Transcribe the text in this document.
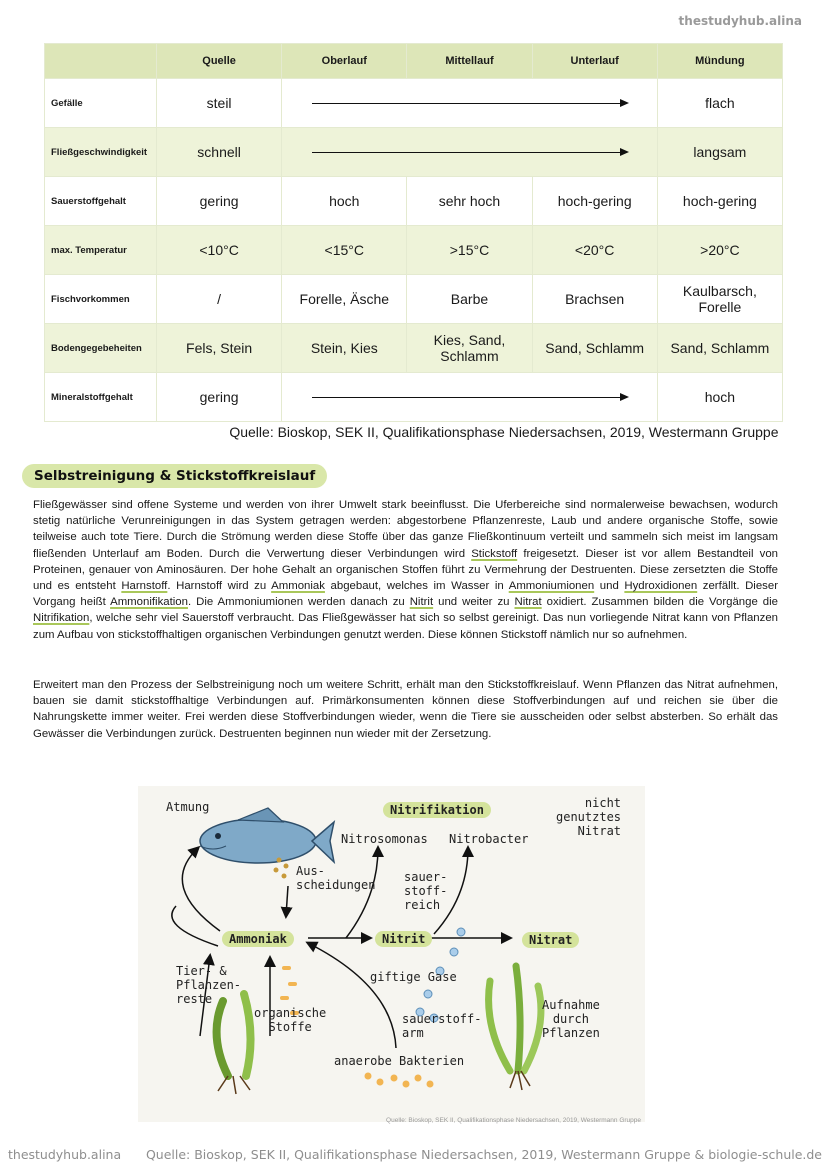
thestudyhub.alina
	Quelle	Oberlauf	Mittellauf	Unterlauf	Mündung
Gefälle	steil				flach
Fließgeschwindigkeit	schnell				langsam
Sauerstoffgehalt	gering	hoch	sehr hoch	hoch-gering	hoch-gering
max. Temperatur	<10°C	<15°C	>15°C	<20°C	>20°C
Fischvorkommen	/	Forelle, Äsche	Barbe	Brachsen	Kaulbarsch, Forelle
Bodengegebeheiten	Fels, Stein	Stein, Kies	Kies, Sand, Schlamm	Sand, Schlamm	Sand, Schlamm
Mineralstoffgehalt	gering				hoch
Quelle: Bioskop, SEK II, Qualifikationsphase Niedersachsen, 2019, Westermann Gruppe					
Selbstreinigung & Stickstoffkreislauf

Fließgewässer sind offene Systeme und werden von ihrer Umwelt stark beeinflusst. Die Uferbereiche sind normalerweise bewachsen, wodurch stetig natürliche Verunreinigungen in das System getragen werden: abgestorbene Pflanzenreste, Laub und andere organische Stoffe, sowie teilweise auch tote Tiere. Durch die Strömung werden diese Stoffe über das ganze Fließkontinuum verteilt und sammeln sich meist im langsam fließenden Unterlauf am Boden. Durch die Verwertung dieser Verbindungen wird Stickstoff freigesetzt. Dieser ist vor allem Bestandteil von Proteinen, genauer von Aminosäuren. Der hohe Gehalt an organischen Stoffen führt zu Vermehrung der Destruenten. Diese zersetzten die Stoffe und es entsteht Harnstoff. Harnstoff wird zu Ammoniak abgebaut, welches im Wasser in Ammoniumionen und Hydroxidionen zerfällt. Dieser Vorgang heißt Ammonifikation. Die Ammoniumionen werden danach zu Nitrit und weiter zu Nitrat oxidiert. Zusammen bilden die Vorgänge die Nitrifikation, welche sehr viel Sauerstoff verbraucht. Das Fließgewässer hat sich so selbst gereinigt. Das nun vorliegende Nitrat kann von Pflanzen zum Aufbau von stickstoffhaltigen organischen Verbindungen genutzt werden. Diese können Stickstoff nämlich nur so aufnehmen.

Erweitert man den Prozess der Selbstreinigung noch um weitere Schritt, erhält man den Stickstoffkreislauf. Wenn Pflanzen das Nitrat aufnehmen, bauen sie damit stickstoffhaltige Verbindungen auf. Primärkonsumenten können diese Stoffverbindungen auf und reichen sie über die Nahrungskette immer weiter. Frei werden diese Stoffverbindungen wieder, wenn die Tiere sie ausscheiden oder selbst absterben. So erhält das Gewässer die Verbindungen zurück. Destruenten beginnen nun wieder mit der Zersetzung.

Atmung	Nitrifikation	nicht
genutztes
Nitrat
Nitrosomonas Nitrobacter
Aus-
scheidungen
sauer-
stoff-
reich
Ammoniak	Nitrit	Nitrat
Tier- &
Pflanzen-
reste
giftige Gase
organische
Stoffe
sauerstoff-
arm
Aufnahme
durch
Pflanzen
anaerobe Bakterien
Quelle: Bioskop, SEK II, Qualifikationsphase Niedersachsen, 2019, Westermann Gruppe
thestudyhub.alina Quelle: Bioskop, SEK II, Qualifikationsphase Niedersachsen, 2019, Westermann Gruppe & biologie-schule.de
